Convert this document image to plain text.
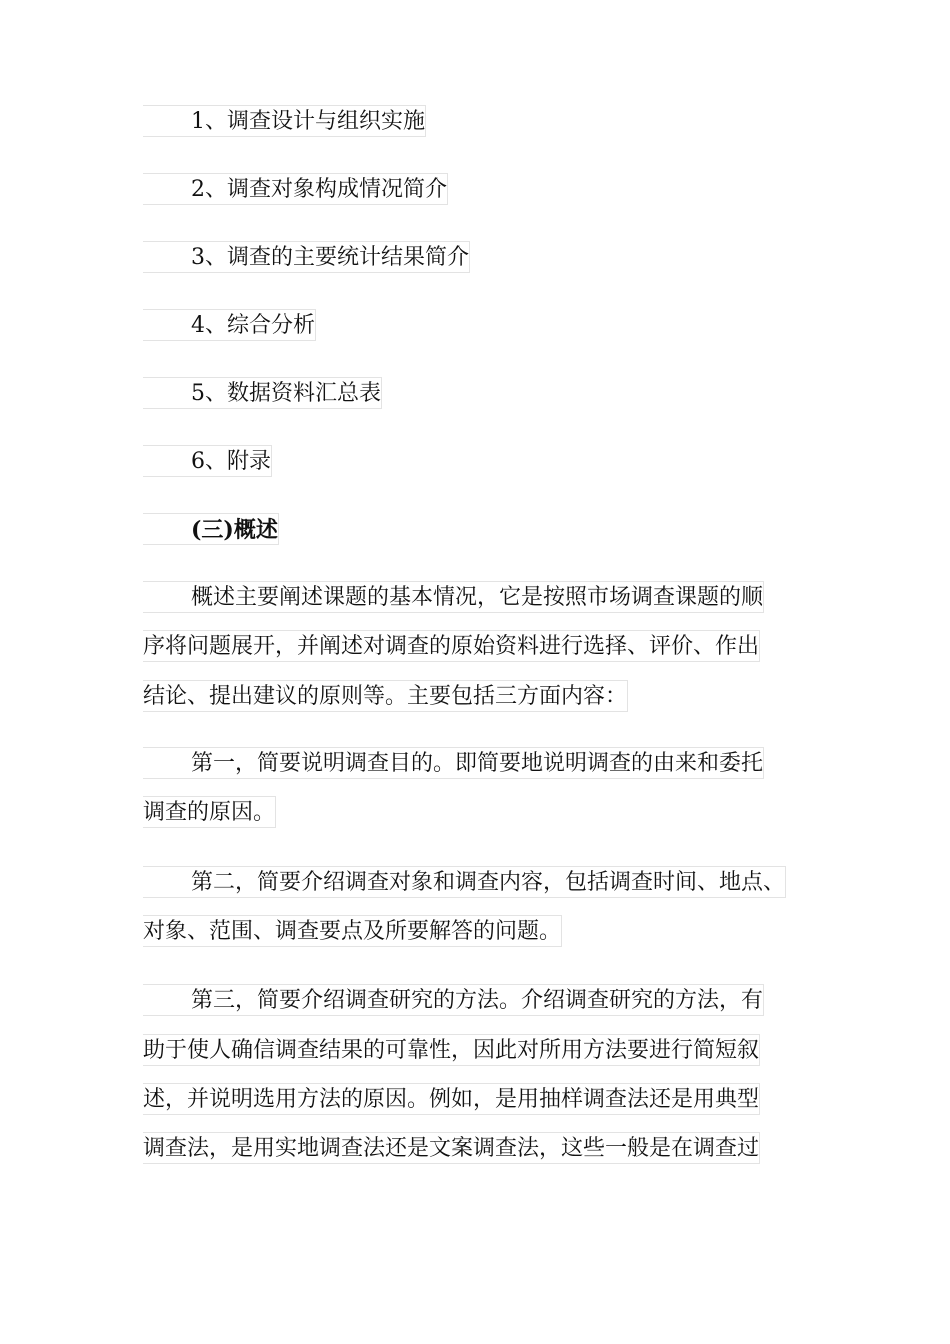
1、调查设计与组织实施
2、调查对象构成情况简介
3、调查的主要统计结果简介
4、综合分析
5、数据资料汇总表
6、附录
(三)概述
概述主要阐述课题的基本情况，它是按照市场调查课题的顺
序将问题展开，并阐述对调查的原始资料进行选择、评价、作出
结论、提出建议的原则等。主要包括三方面内容：
第一，简要说明调查目的。即简要地说明调查的由来和委托
调查的原因。
第二，简要介绍调查对象和调查内容，包括调查时间、地点、
对象、范围、调查要点及所要解答的问题。
第三，简要介绍调查研究的方法。介绍调查研究的方法，有
助于使人确信调查结果的可靠性，因此对所用方法要进行简短叙
述，并说明选用方法的原因。例如，是用抽样调查法还是用典型
调查法，是用实地调查法还是文案调查法，这些一般是在调查过
